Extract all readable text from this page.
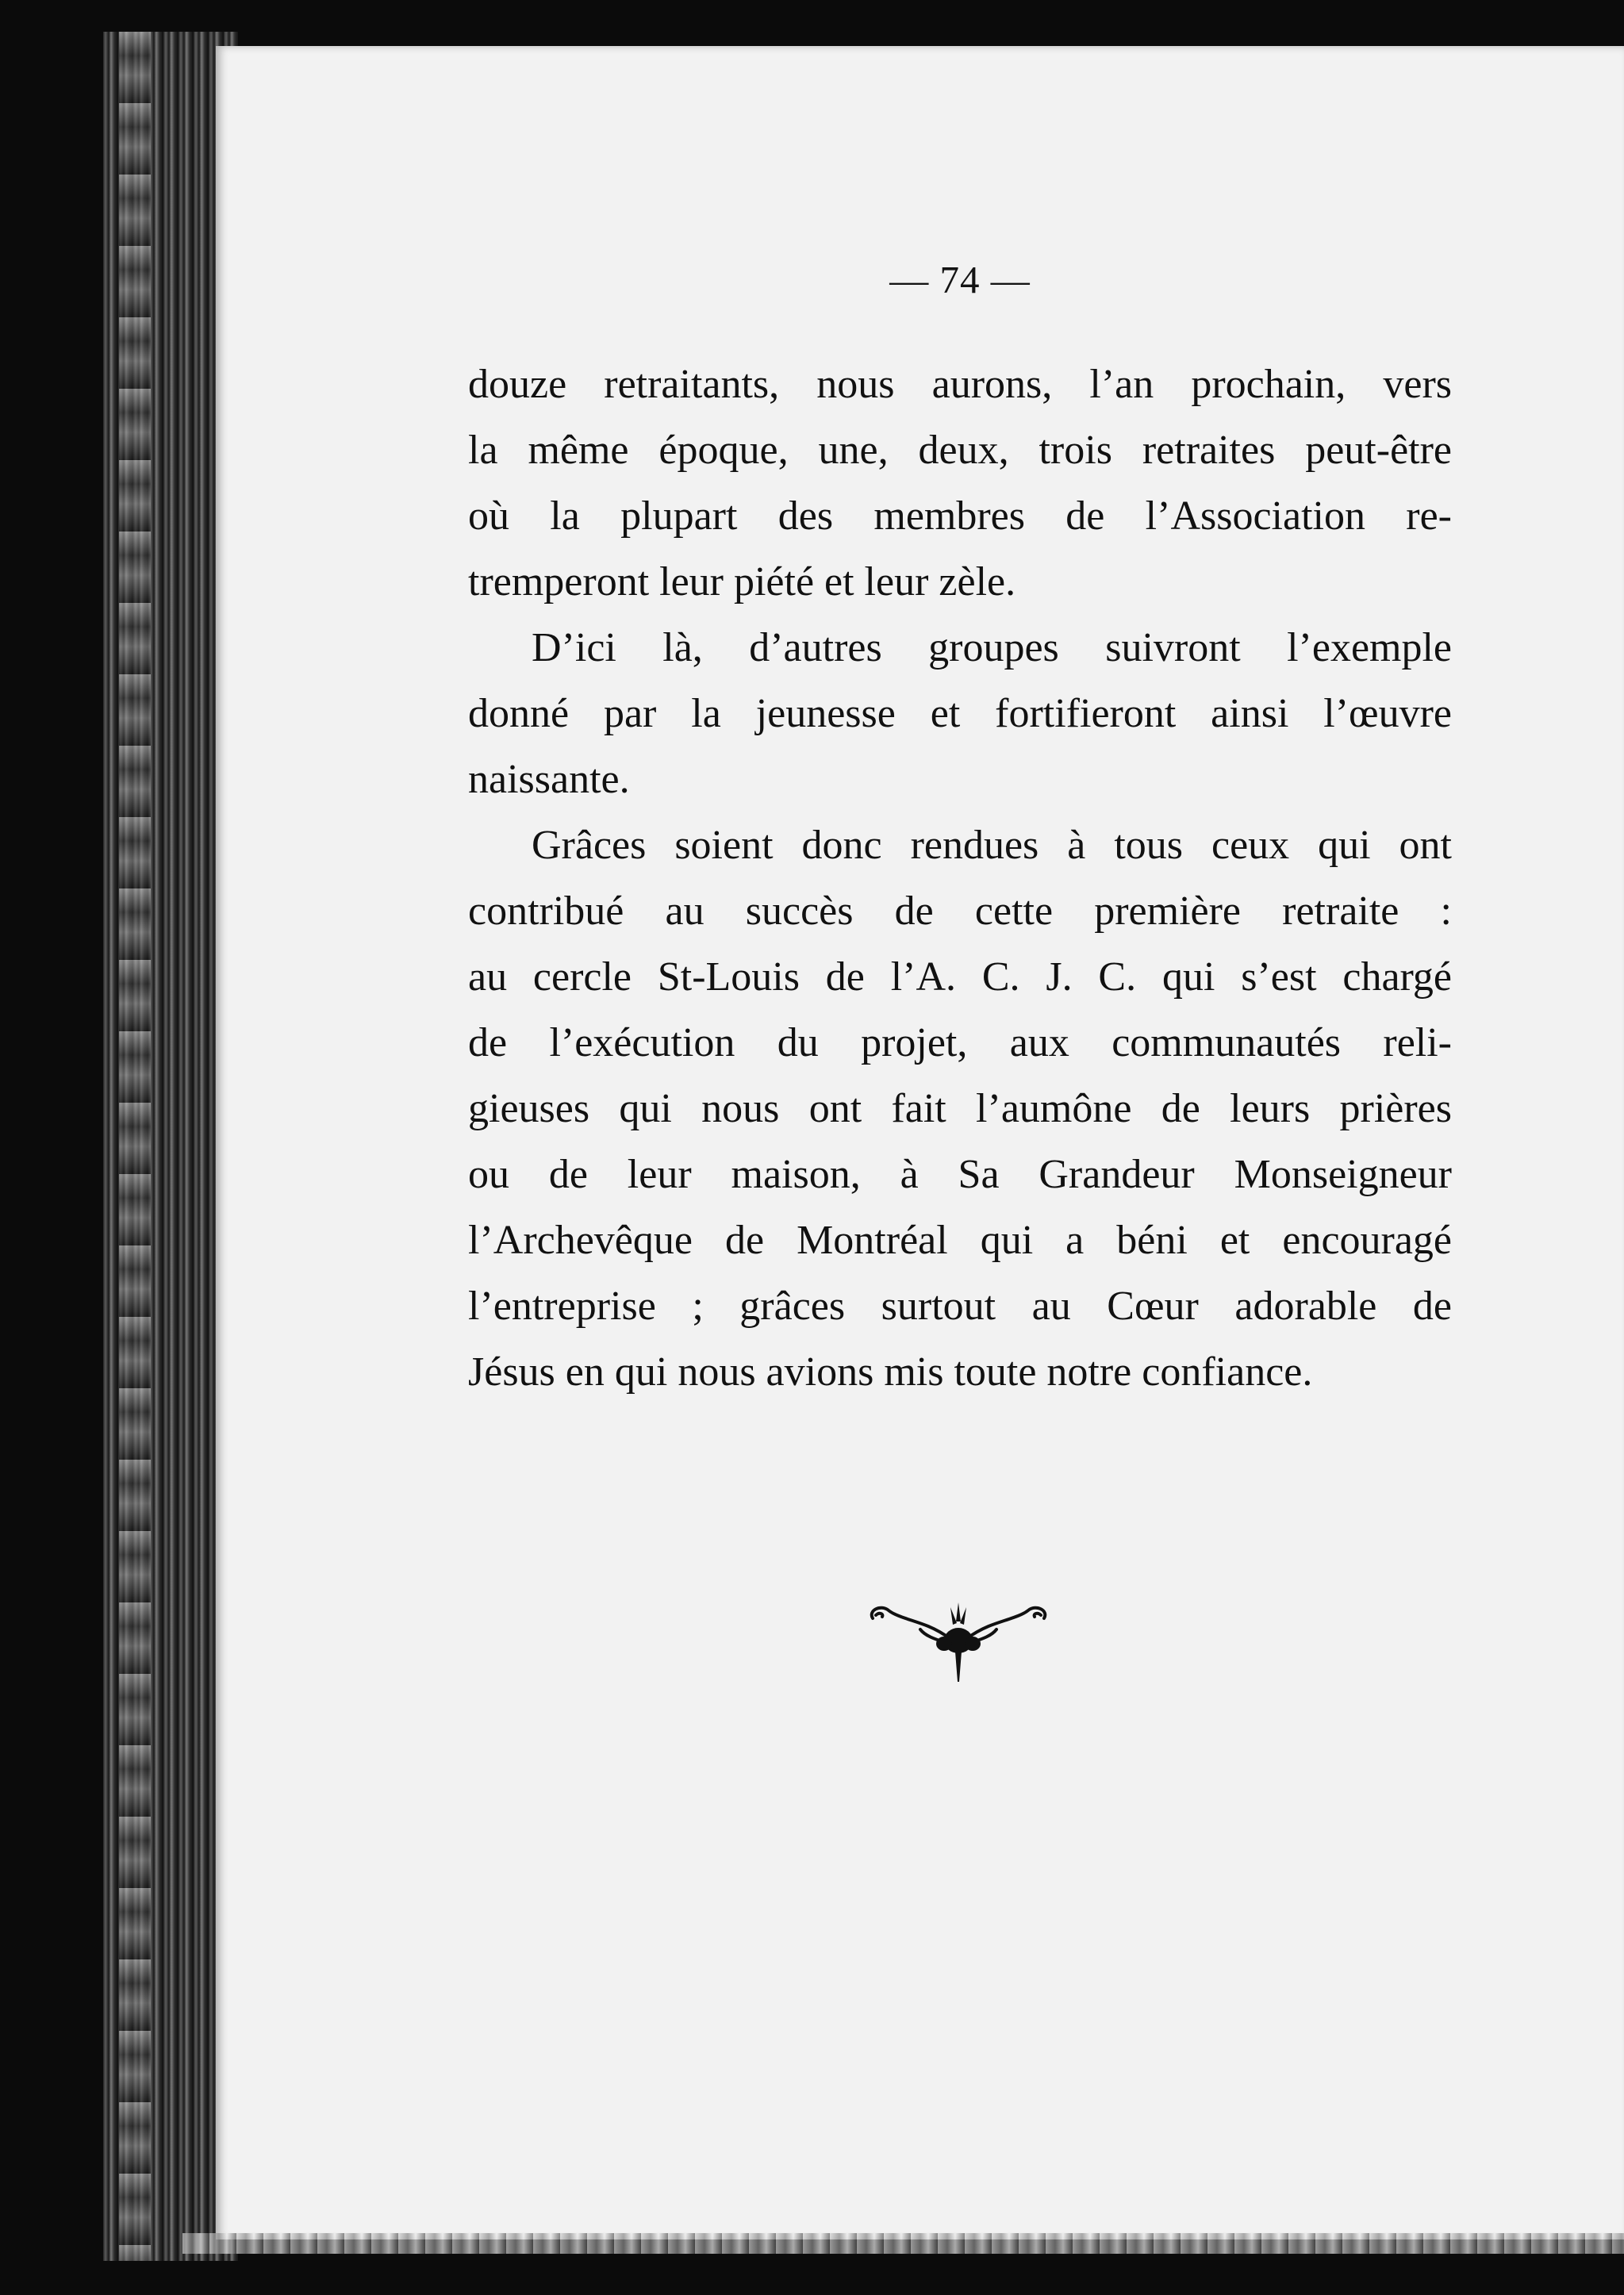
— 74 —
douze retraitants, nous aurons, l’an prochain, vers
la même époque, une, deux, trois retraites peut-être
où la plupart des membres de l’Association re-
tremperont leur piété et leur zèle.
D’ici là, d’autres groupes suivront l’exemple
donné par la jeunesse et fortifieront ainsi l’œuvre
naissante.
Grâces soient donc rendues à tous ceux qui ont
contribué au succès de cette première retraite :
au cercle St-Louis de l’A. C. J. C. qui s’est chargé
de l’exécution du projet, aux communautés reli-
gieuses qui nous ont fait l’aumône de leurs prières
ou de leur maison, à Sa Grandeur Monseigneur
l’Archevêque de Montréal qui a béni et encouragé
l’entreprise ; grâces surtout au Cœur adorable de
Jésus en qui nous avions mis toute notre confiance.
